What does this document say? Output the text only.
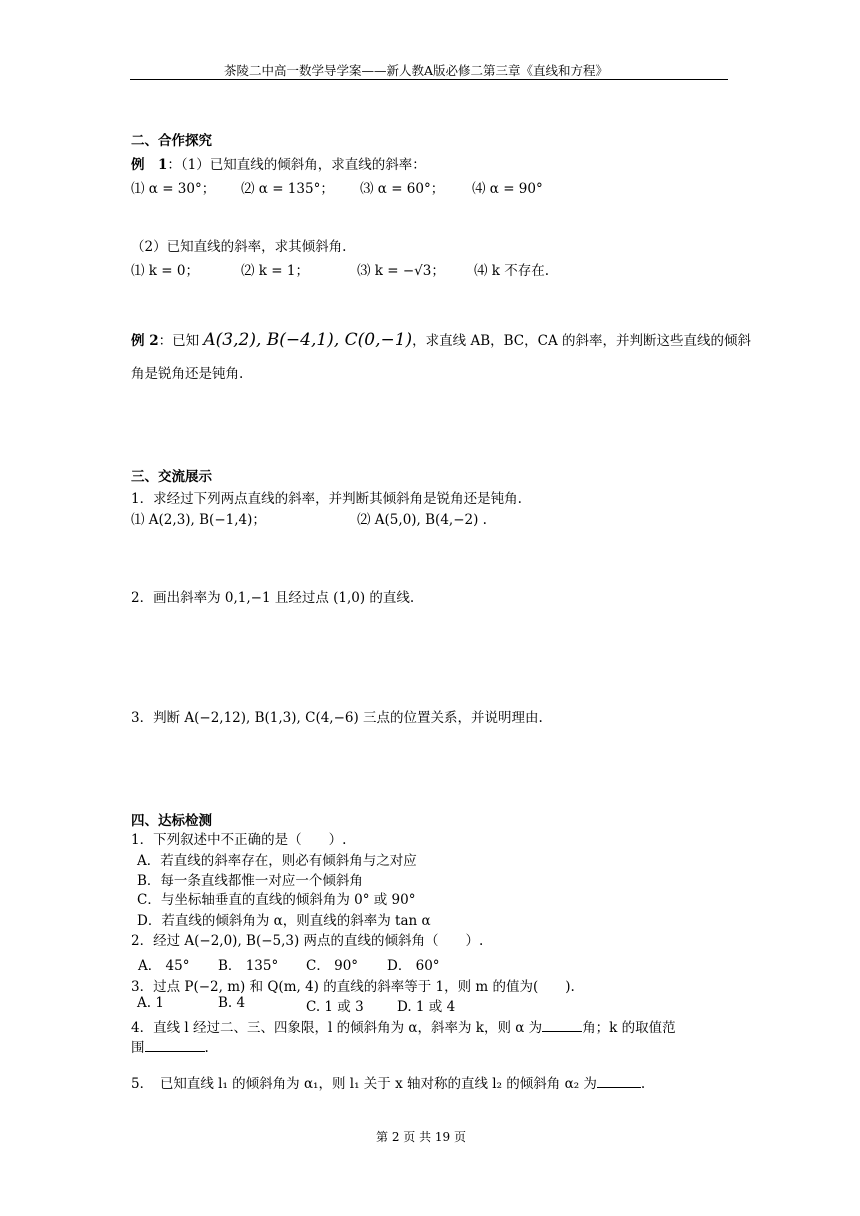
茶陵二中高一数学导学案——新人教A版必修二第三章《直线和方程》
二、合作探究
例　1：（1）已知直线的倾斜角，求直线的斜率：
⑴ α = 30°； ⑵ α = 135°； ⑶ α = 60°； ⑷ α = 90°
（2）已知直线的斜率，求其倾斜角.
⑴ k = 0；	⑵ k = 1；	⑶ k = −√3； ⑷ k 不存在.
例 2：已知 A(3,2), B(−4,1), C(0,−1)，求直线 AB，BC，CA 的斜率，并判断这些直线的倾斜
角是锐角还是钝角.
三、交流展示
1．求经过下列两点直线的斜率，并判断其倾斜角是锐角还是钝角.
⑴ A(2,3), B(−1,4)；	⑵ A(5,0), B(4,−2) .
2．画出斜率为 0,1,−1 且经过点 (1,0) 的直线.
3．判断 A(−2,12), B(1,3), C(4,−6) 三点的位置关系，并说明理由.
四、达标检测
1．下列叙述中不正确的是（　　）.
A．若直线的斜率存在，则必有倾斜角与之对应
B．每一条直线都惟一对应一个倾斜角
C．与坐标轴垂直的直线的倾斜角为 0° 或 90°
D．若直线的倾斜角为 α，则直线的斜率为 tan α
2．经过 A(−2,0), B(−5,3) 两点的直线的倾斜角（　　）.
A． 45° B． 135° C． 90° D． 60°
3．过点 P(−2, m) 和 Q(m, 4) 的直线的斜率等于 1，则 m 的值为(　　).
A. 1	B. 4	C. 1 或 3 D. 1 或 4
4．直线 l 经过二、三、四象限，l 的倾斜角为 α，斜率为 k，则 α 为	角；k 的取值范
围	.
5．　已知直线 l₁ 的倾斜角为 α₁，则 l₁ 关于 x 轴对称的直线 l₂ 的倾斜角 α₂ 为	.
第 2 页 共 19 页
